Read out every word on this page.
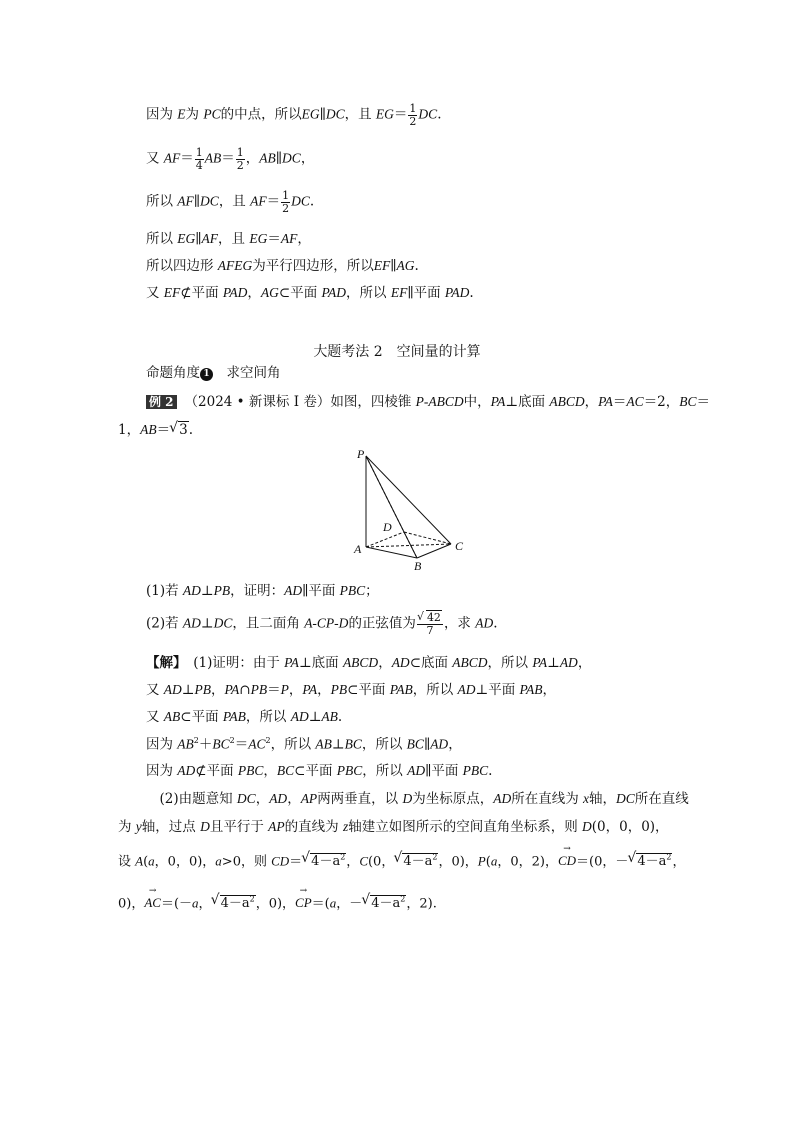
因为 E为 PC的中点，所以EG∥DC，且 $EG= \frac{1}{2}$ DC.
又 $AF= \frac{1}{4} AB= \frac{1}{2}$ ，AB∥DC，
所以 AF∥DC，且 $AF= \frac{1}{2}$ DC.
所以 EG∥AF，且 EG＝AF，
所以四边形 AFEG为平行四边形，所以EF∥AG.
又 EF⊄平面 PAD，AG⊂平面 PAD，所以 EF∥平面 PAD.
大题考法 2　空间量的计算
命题角度 1　求空间角
例 2 （2024 • 新课标 Ⅰ 卷）如图，四棱锥 P-ABCD中，PA⊥底面 ABCD，PA＝AC＝2，BC＝
1，AB＝ √ 3.
P
D
A	C
B
(1)若 AD⊥PB，证明：AD∥平面 PBC；
(2)若 AD⊥DC，且二面角 A-CP-D的正弦值为 $\frac{√ 42}{7}$ ，求 AD.
【解】　(1)证明：由于 PA⊥底面 ABCD，AD⊂底面 ABCD，所以 PA⊥AD，
又 AD⊥PB，PA∩PB＝P，PA，PB⊂平面 PAB，所以 AD⊥平面 PAB，
又 AB⊂平面 PAB，所以 AD⊥AB.
因为 $AB^2+BC^2=AC^2$，所以 AB⊥BC，所以 BC∥AD，
因为 AD⊄平面 PBC，BC⊂平面 PBC，所以 AD∥平面 PBC.
　(2)由题意知 DC，AD，AP两两垂直，以 D为坐标原点，AD所在直线为 x轴，DC所在直线
为 y轴，过点 D且平行于 AP的直线为 z轴建立如图所示的空间直角坐标系，则 D(0，0，0)，
设 A(a，0，0)，a>0，则 CD＝ √ $4-a^2$，C(0， √ $4-a^2$，0)，P(a，0，2)，
→
CD＝(0，－ √ $4-a^2$，
0)，
→
AC＝(－a， √ $4-a^2$，0)，
→
CP＝(a，－ √ $4-a^2$，2).
